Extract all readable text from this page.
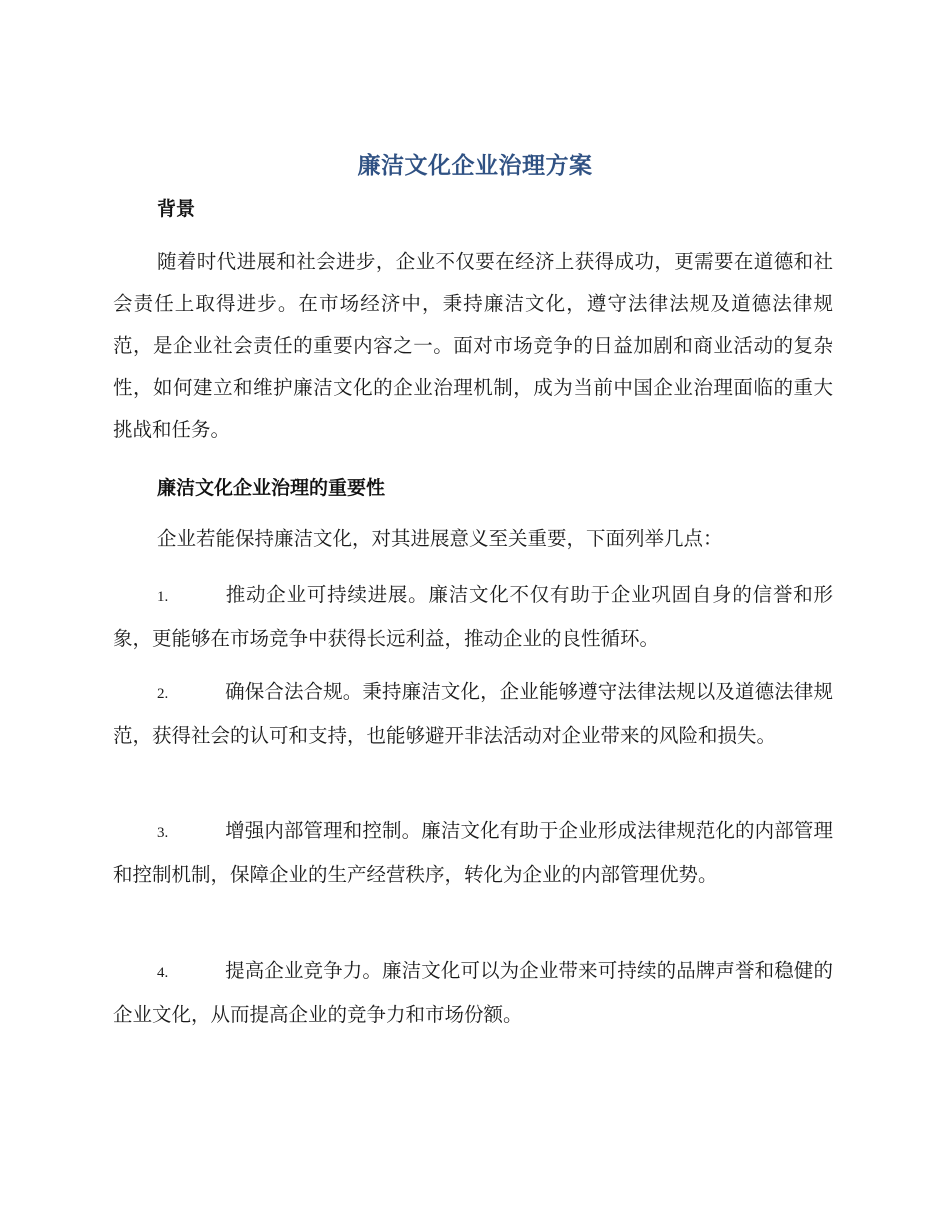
廉洁文化企业治理方案
背景
随着时代进展和社会进步，企业不仅要在经济上获得成功，更需要在道德和社会责任上取得进步。在市场经济中，秉持廉洁文化，遵守法律法规及道德法律规范，是企业社会责任的重要内容之一。面对市场竞争的日益加剧和商业活动的复杂性，如何建立和维护廉洁文化的企业治理机制，成为当前中国企业治理面临的重大挑战和任务。
廉洁文化企业治理的重要性
企业若能保持廉洁文化，对其进展意义至关重要，下面列举几点：
1.	推动企业可持续进展。廉洁文化不仅有助于企业巩固自身的信誉和形象，更能够在市场竞争中获得长远利益，推动企业的良性循环。
2.	确保合法合规。秉持廉洁文化，企业能够遵守法律法规以及道德法律规范，获得社会的认可和支持，也能够避开非法活动对企业带来的风险和损失。
3.	增强内部管理和控制。廉洁文化有助于企业形成法律规范化的内部管理和控制机制，保障企业的生产经营秩序，转化为企业的内部管理优势。
4.	提高企业竞争力。廉洁文化可以为企业带来可持续的品牌声誉和稳健的企业文化，从而提高企业的竞争力和市场份额。
